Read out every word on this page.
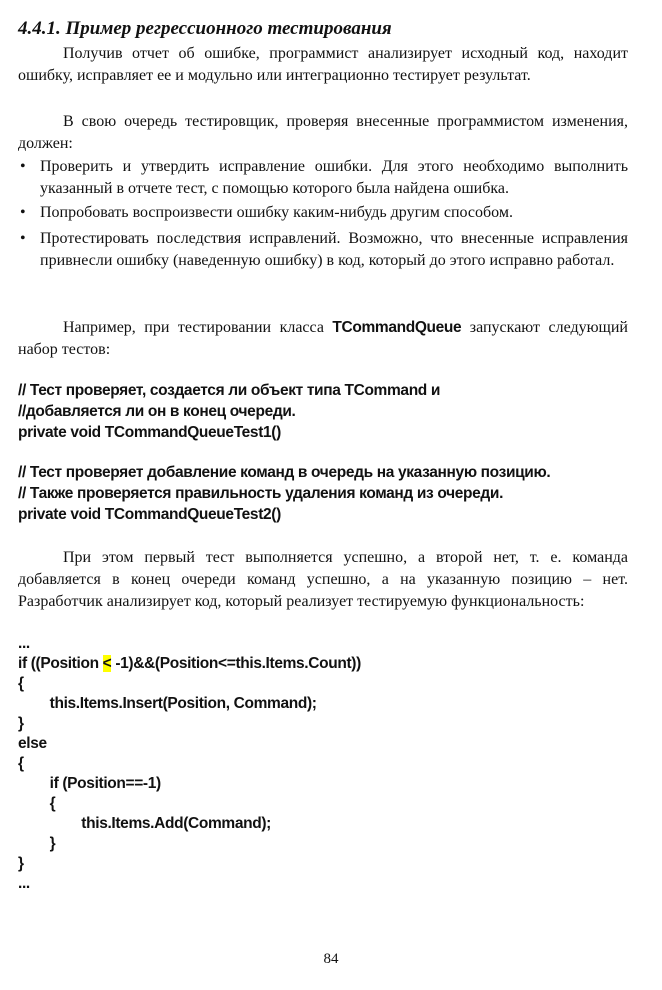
4.4.1. Пример регрессионного тестирования

Получив отчет об ошибке, программист анализирует исходный код, находит ошибку, исправляет ее и модульно или интеграционно тестирует результат.

В свою очередь тестировщик, проверяя внесенные программистом изменения, должен:

• Проверить и утвердить исправление ошибки. Для этого необходимо выполнить указанный в отчете тест, с помощью которого была найдена ошибка.

• Попробовать воспроизвести ошибку каким-нибудь другим способом.

• Протестировать последствия исправлений. Возможно, что внесенные исправления привнесли ошибку (наведенную ошибку) в код, который до этого исправно работал.

Например, при тестировании класса TCommandQueue запускают следующий набор тестов:

// Тест проверяет, создается ли объект типа TCommand и
//добавляется ли он в конец очереди.
private void TCommandQueueTest1()
// Тест проверяет добавление команд в очередь на указанную позицию.
// Также проверяется правильность удаления команд из очереди.
private void TCommandQueueTest2()

При этом первый тест выполняется успешно, а второй нет, т. е. команда добавляется в конец очереди команд успешно, а на указанную позицию – нет. Разработчик анализирует код, который реализует тестируемую функциональность:

...
if ((Position < -1)&&(Position<=this.Items.Count))
{
this.Items.Insert(Position, Command);
}
else
{
if (Position==-1)
{
this.Items.Add(Command);
}
}
...
84
